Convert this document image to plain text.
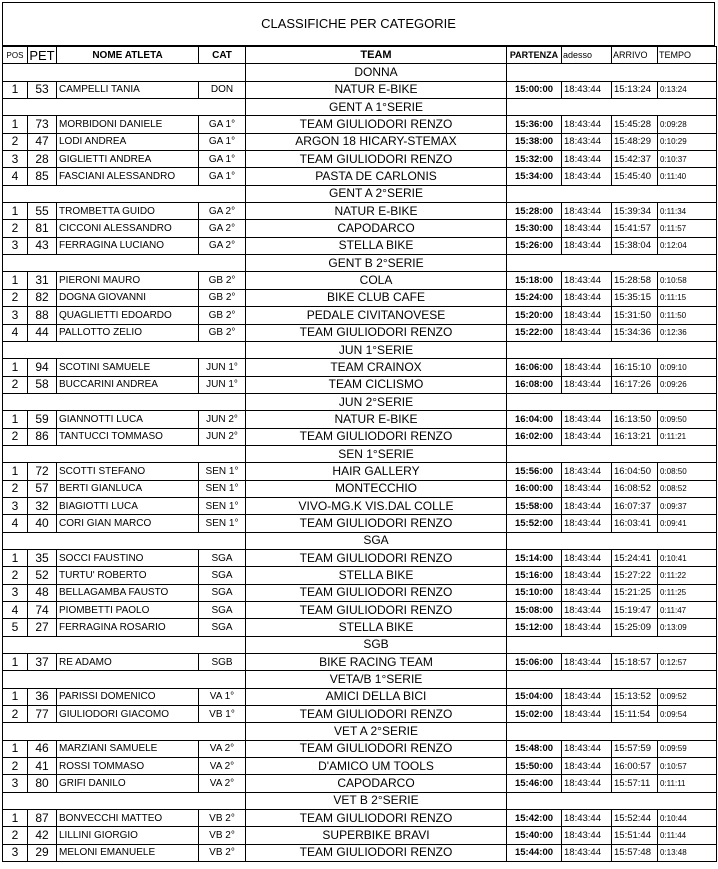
CLASSIFICHE PER CATEGORIE
POS	PET	NOME ATLETA	CAT	TEAM	PARTENZA	adesso	ARRIVO	TEMPO
				DONNA				
1	53	CAMPELLI TANIA	DON	NATUR E-BIKE	15:00:00	18:43:44	15:13:24	0:13:24
				GENT A 1°SERIE				
1	73	MORBIDONI DANIELE	GA 1°	TEAM GIULIODORI RENZO	15:36:00	18:43:44	15:45:28	0:09:28
2	47	LODI ANDREA	GA 1°	ARGON 18 HICARY-STEMAX	15:38:00	18:43:44	15:48:29	0:10:29
3	28	GIGLIETTI ANDREA	GA 1°	TEAM GIULIODORI RENZO	15:32:00	18:43:44	15:42:37	0:10:37
4	85	FASCIANI ALESSANDRO	GA 1°	PASTA DE CARLONIS	15:34:00	18:43:44	15:45:40	0:11:40
				GENT A 2°SERIE				
1	55	TROMBETTA GUIDO	GA 2°	NATUR E-BIKE	15:28:00	18:43:44	15:39:34	0:11:34
2	81	CICCONI ALESSANDRO	GA 2°	CAPODARCO	15:30:00	18:43:44	15:41:57	0:11:57
3	43	FERRAGINA LUCIANO	GA 2°	STELLA BIKE	15:26:00	18:43:44	15:38:04	0:12:04
				GENT B 2°SERIE				
1	31	PIERONI MAURO	GB 2°	COLA	15:18:00	18:43:44	15:28:58	0:10:58
2	82	DOGNA GIOVANNI	GB 2°	BIKE CLUB CAFE	15:24:00	18:43:44	15:35:15	0:11:15
3	88	QUAGLIETTI EDOARDO	GB 2°	PEDALE CIVITANOVESE	15:20:00	18:43:44	15:31:50	0:11:50
4	44	PALLOTTO ZELIO	GB 2°	TEAM GIULIODORI RENZO	15:22:00	18:43:44	15:34:36	0:12:36
				JUN 1°SERIE				
1	94	SCOTINI SAMUELE	JUN 1°	TEAM CRAINOX	16:06:00	18:43:44	16:15:10	0:09:10
2	58	BUCCARINI ANDREA	JUN 1°	TEAM CICLISMO	16:08:00	18:43:44	16:17:26	0:09:26
				JUN 2°SERIE				
1	59	GIANNOTTI LUCA	JUN 2°	NATUR E-BIKE	16:04:00	18:43:44	16:13:50	0:09:50
2	86	TANTUCCI TOMMASO	JUN 2°	TEAM GIULIODORI RENZO	16:02:00	18:43:44	16:13:21	0:11:21
				SEN 1°SERIE				
1	72	SCOTTI STEFANO	SEN 1°	HAIR GALLERY	15:56:00	18:43:44	16:04:50	0:08:50
2	57	BERTI GIANLUCA	SEN 1°	MONTECCHIO	16:00:00	18:43:44	16:08:52	0:08:52
3	32	BIAGIOTTI LUCA	SEN 1°	VIVO-MG.K VIS.DAL COLLE	15:58:00	18:43:44	16:07:37	0:09:37
4	40	CORI GIAN MARCO	SEN 1°	TEAM GIULIODORI RENZO	15:52:00	18:43:44	16:03:41	0:09:41
				SGA				
1	35	SOCCI FAUSTINO	SGA	TEAM GIULIODORI RENZO	15:14:00	18:43:44	15:24:41	0:10:41
2	52	TURTU' ROBERTO	SGA	STELLA BIKE	15:16:00	18:43:44	15:27:22	0:11:22
3	48	BELLAGAMBA FAUSTO	SGA	TEAM GIULIODORI RENZO	15:10:00	18:43:44	15:21:25	0:11:25
4	74	PIOMBETTI PAOLO	SGA	TEAM GIULIODORI RENZO	15:08:00	18:43:44	15:19:47	0:11:47
5	27	FERRAGINA ROSARIO	SGA	STELLA BIKE	15:12:00	18:43:44	15:25:09	0:13:09
				SGB				
1	37	RE ADAMO	SGB	BIKE RACING TEAM	15:06:00	18:43:44	15:18:57	0:12:57
				VETA/B 1°SERIE				
1	36	PARISSI DOMENICO	VA 1°	AMICI DELLA BICI	15:04:00	18:43:44	15:13:52	0:09:52
2	77	GIULIODORI GIACOMO	VB 1°	TEAM GIULIODORI RENZO	15:02:00	18:43:44	15:11:54	0:09:54
				VET A 2°SERIE				
1	46	MARZIANI SAMUELE	VA 2°	TEAM GIULIODORI RENZO	15:48:00	18:43:44	15:57:59	0:09:59
2	41	ROSSI TOMMASO	VA 2°	D'AMICO UM TOOLS	15:50:00	18:43:44	16:00:57	0:10:57
3	80	GRIFI DANILO	VA 2°	CAPODARCO	15:46:00	18:43:44	15:57:11	0:11:11
				VET B 2°SERIE				
1	87	BONVECCHI MATTEO	VB 2°	TEAM GIULIODORI RENZO	15:42:00	18:43:44	15:52:44	0:10:44
2	42	LILLINI GIORGIO	VB 2°	SUPERBIKE BRAVI	15:40:00	18:43:44	15:51:44	0:11:44
3	29	MELONI EMANUELE	VB 2°	TEAM GIULIODORI RENZO	15:44:00	18:43:44	15:57:48	0:13:48
